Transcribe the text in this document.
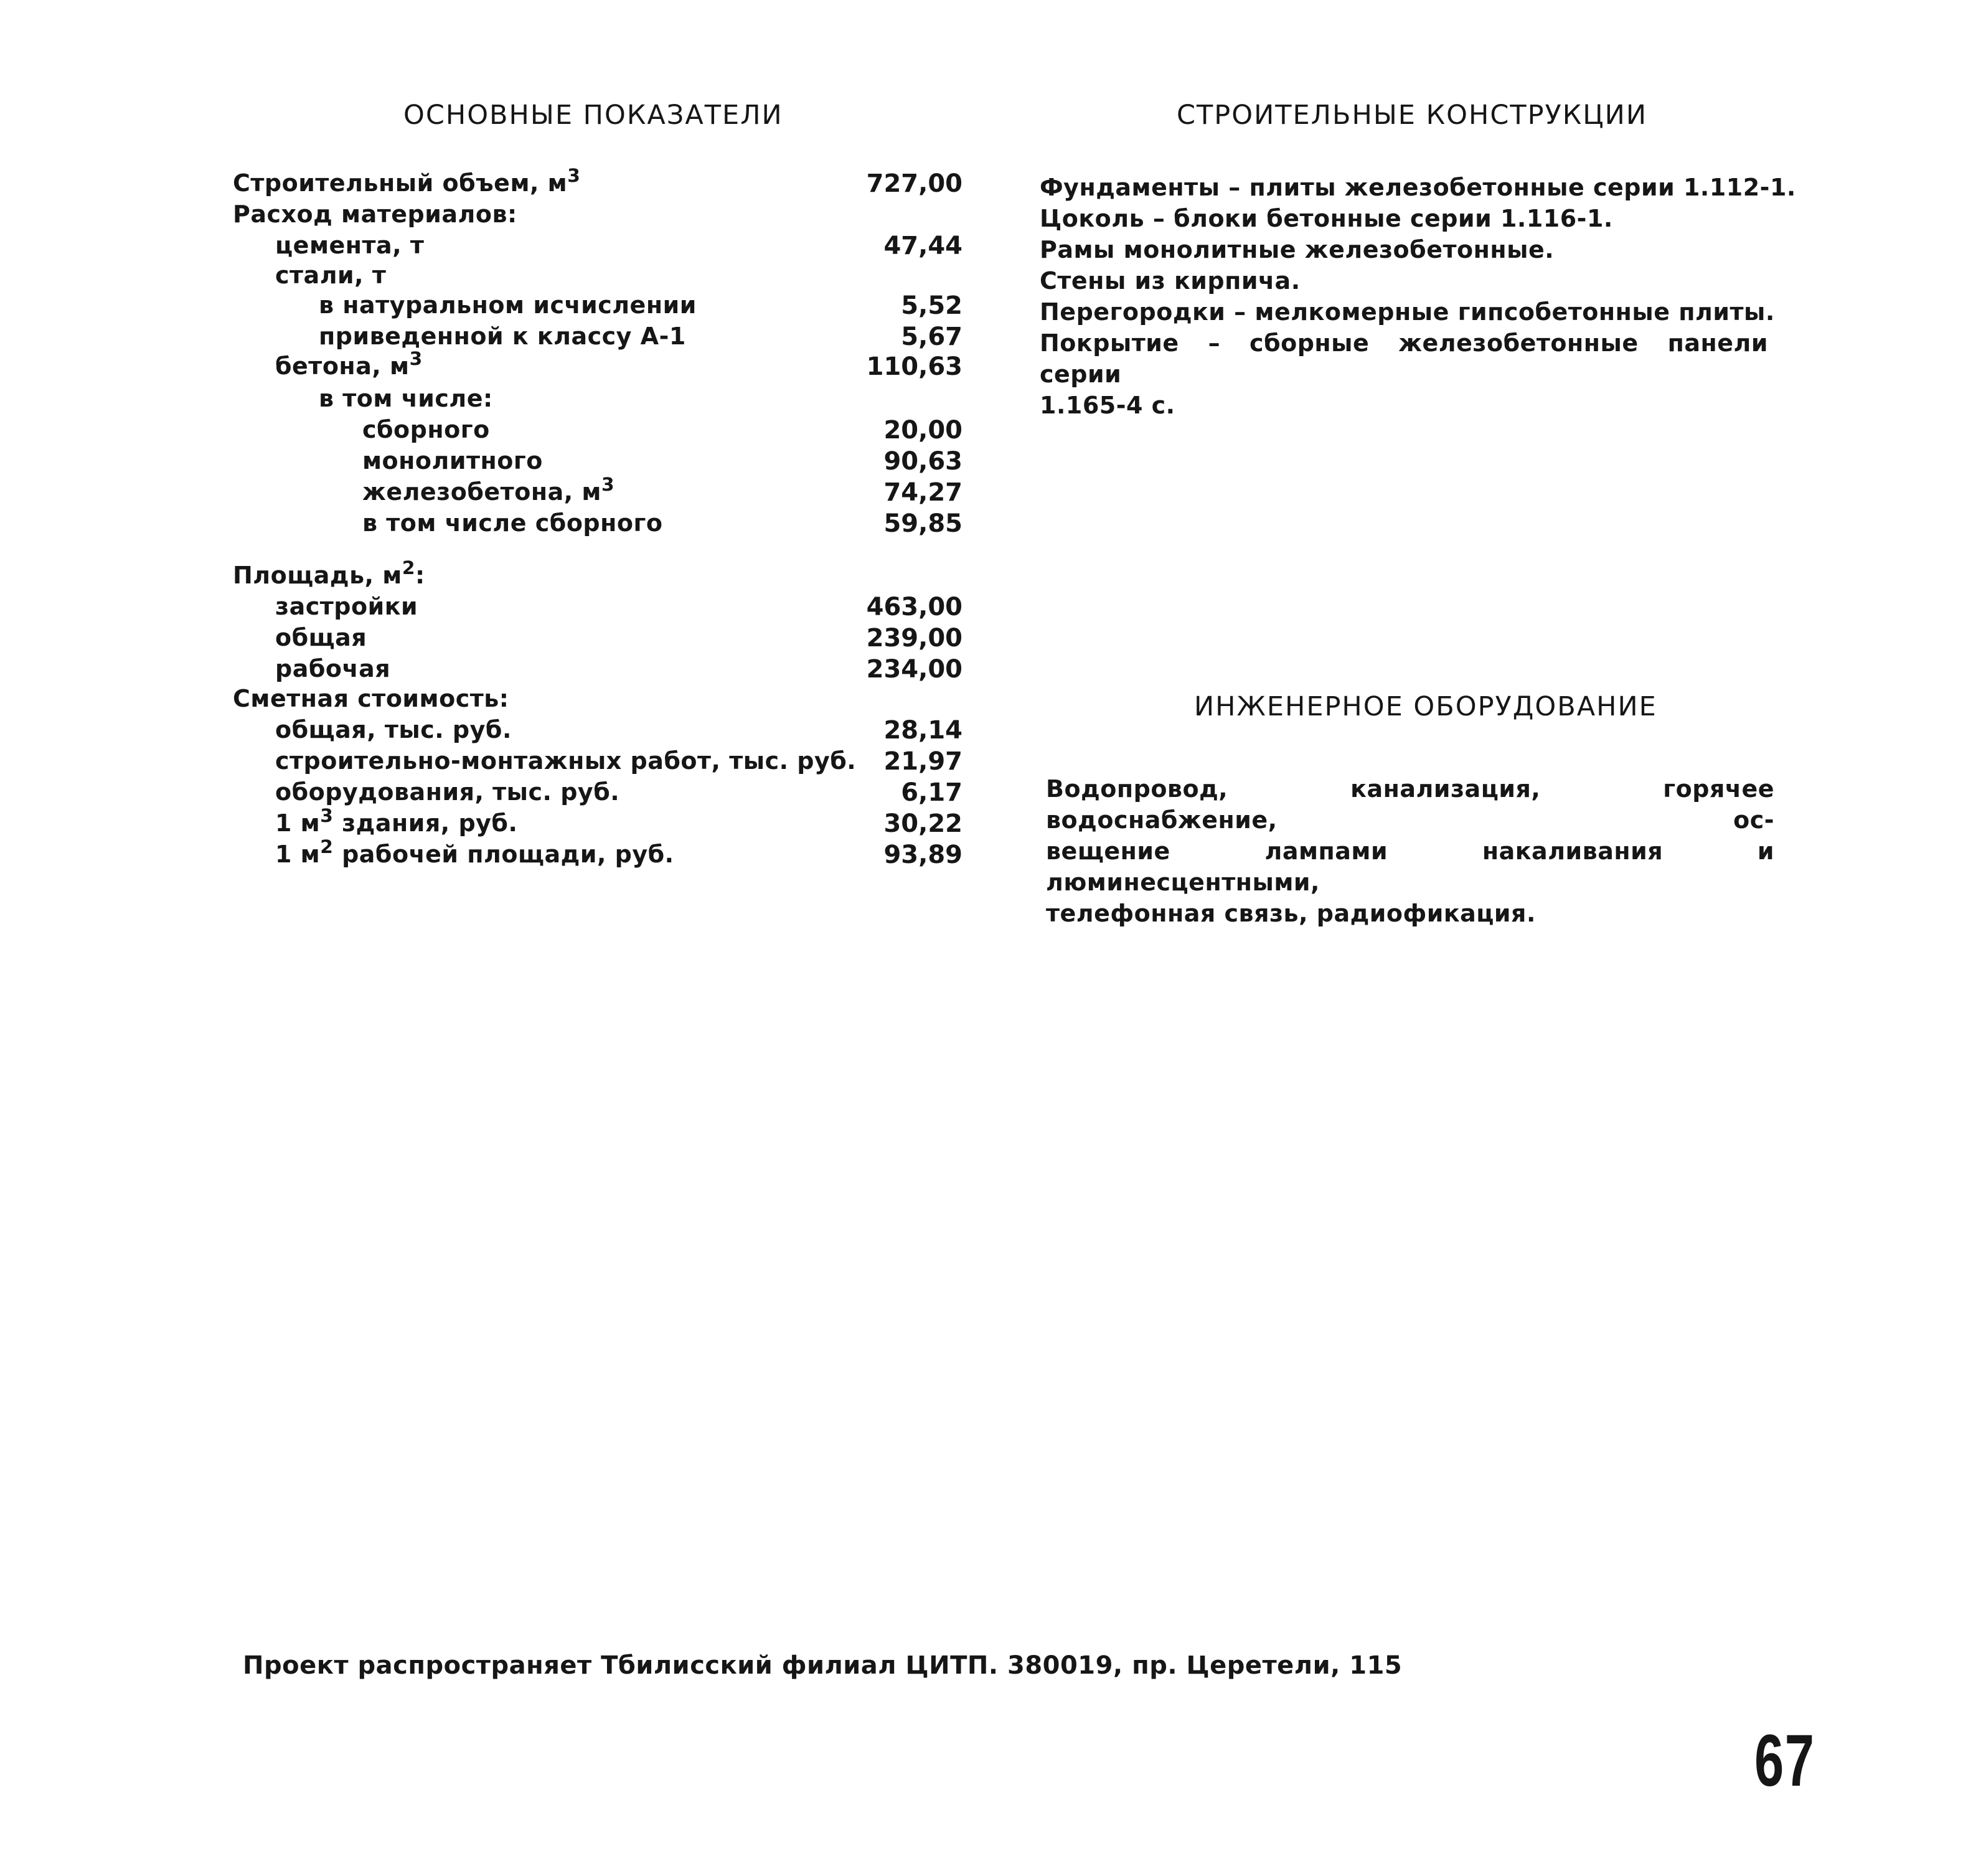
ОСНОВНЫЕ ПОКАЗАТЕЛИ	СТРОИТЕЛЬНЫЕ КОНСТРУКЦИИ
ИНЖЕНЕРНОЕ ОБОРУДОВАНИЕ
Строительный объем, $м^3$	727,00
Расход материалов:
цемента, т	47,44
стали, т
в натуральном исчислении	5,52
приведенной к классу А-1	5,67
бетона, $м^3$	110,63
в том числе:
сборного	20,00
монолитного	90,63
железобетона, $м^3$	74,27
в том числе сборного	59,85
Площадь, $м^2$:
застройки	463,00
общая	239,00
рабочая	234,00
Сметная стоимость:
общая, тыс. руб.	28,14
строительно-монтажных работ, тыс. руб. 21,97
оборудования, тыс. руб.	6,17
1 $м^3$ здания, руб.	30,22
1 $м^2$ рабочей площади, руб.	93,89
Фундаменты – плиты железобетонные серии 1.112-1.
Цоколь – блоки бетонные серии 1.116-1.
Рамы монолитные железобетонные.
Стены из кирпича.
Перегородки – мелкомерные гипсобетонные плиты.
Покрытие – сборные железобетонные панели серии
1.165-4 с.
Водопровод, канализация, горячее водоснабжение, ос-
вещение лампами накаливания и люминесцентными,
телефонная связь, радиофикация.
Проект распространяет Тбилисский филиал ЦИТП. 380019, пр. Церетели, 115
67
